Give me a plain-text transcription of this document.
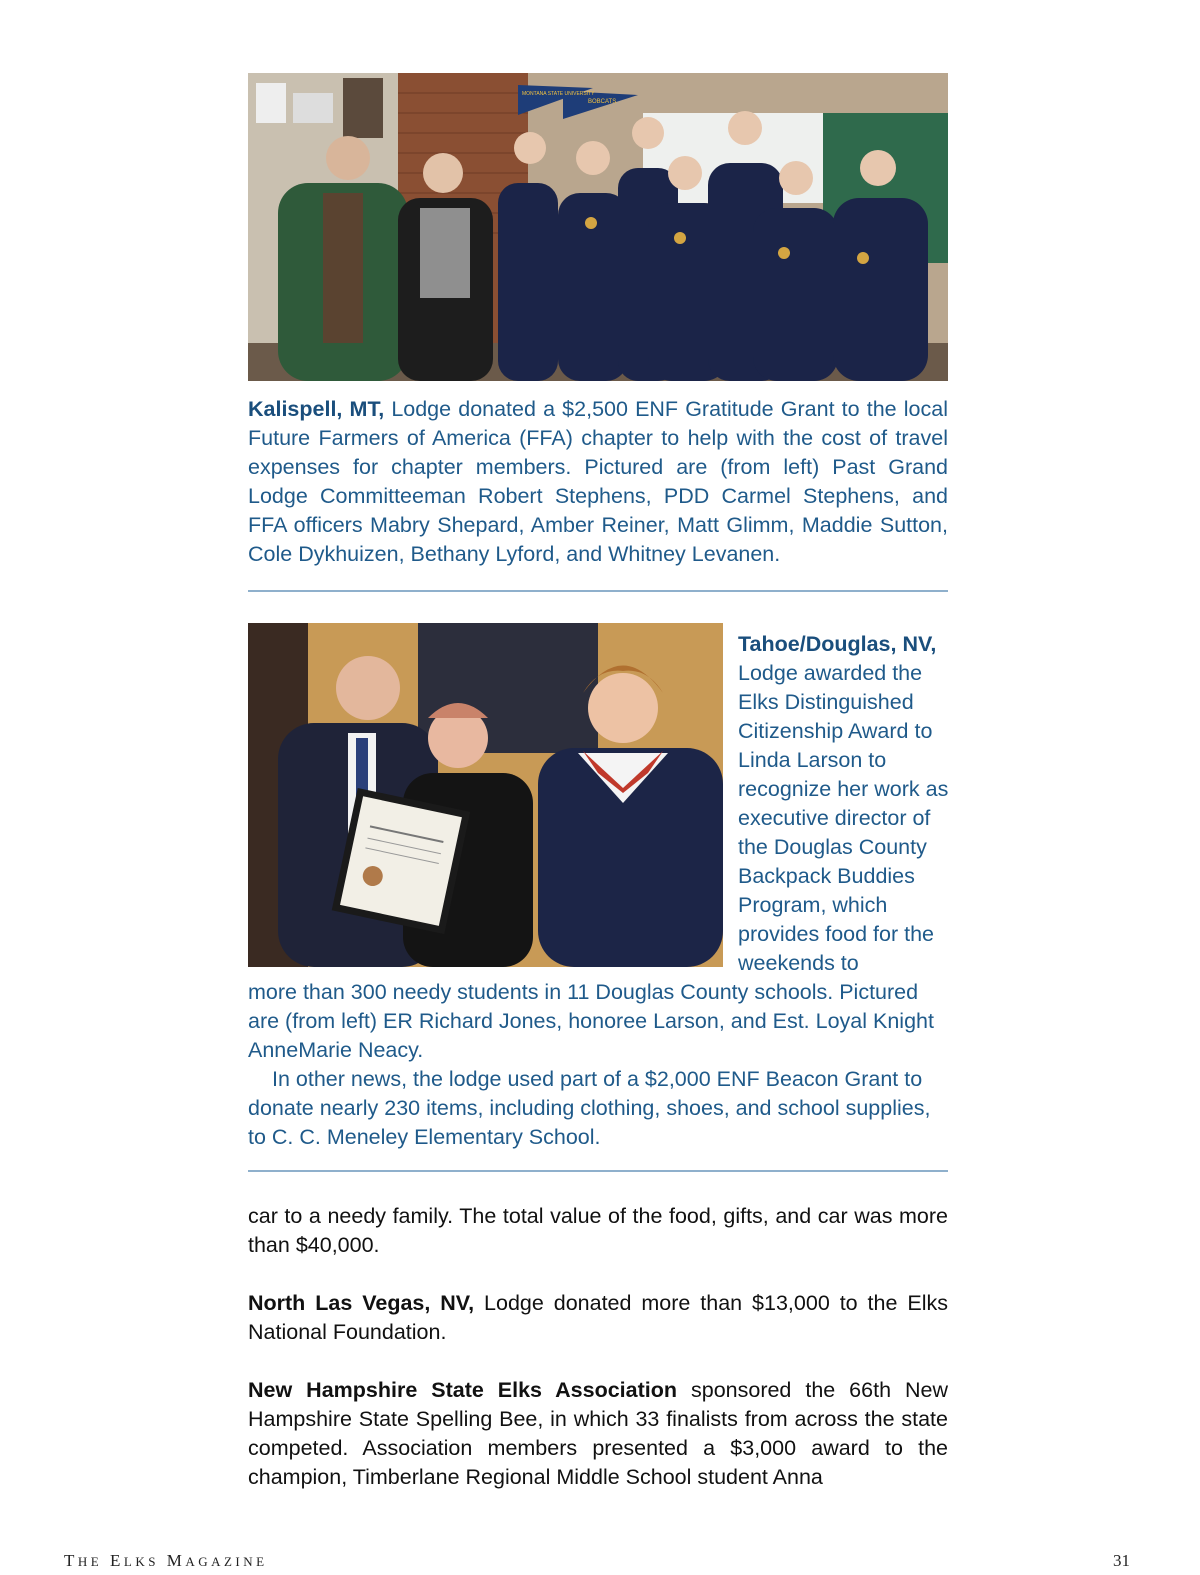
MONTANA STATE UNIVERSITY
BOBCATS
Kalispell, MT, Lodge donated a $2,500 ENF Gratitude Grant to the local Future Farmers of America (FFA) chapter to help with the cost of travel expenses for chapter members. Pictured are (from left) Past Grand Lodge Committeeman Robert Stephens, PDD Carmel Stephens, and FFA officers Mabry Shepard, Amber Reiner, Matt Glimm, Maddie Sutton, Cole Dykhuizen, Bethany Lyford, and Whitney Levanen.
Tahoe/Douglas, NV, Lodge awarded the Elks Distinguished Citizenship Award to Linda Larson to recognize her work as executive director of the Douglas County Backpack Buddies Program, which provides food for the weekends to
more than 300 needy students in 11 Douglas County schools. Pictured are (from left) ER Richard Jones, honoree Larson, and Est. Loyal Knight AnneMarie Neacy.
In other news, the lodge used part of a $2,000 ENF Beacon Grant to donate nearly 230 items, including clothing, shoes, and school supplies, to C. C. Meneley Elementary School.

car to a needy family. The total value of the food, gifts, and car was more than $40,000.

North Las Vegas, NV, Lodge donated more than $13,000 to the Elks National Foundation.

New Hampshire State Elks Association sponsored the 66th New Hampshire State Spelling Bee, in which 33 finalists from across the state competed. Association members presented a $3,000 award to the champion, Timberlane Regional Middle School student Anna

THE ELKS MAGAZINE	31
